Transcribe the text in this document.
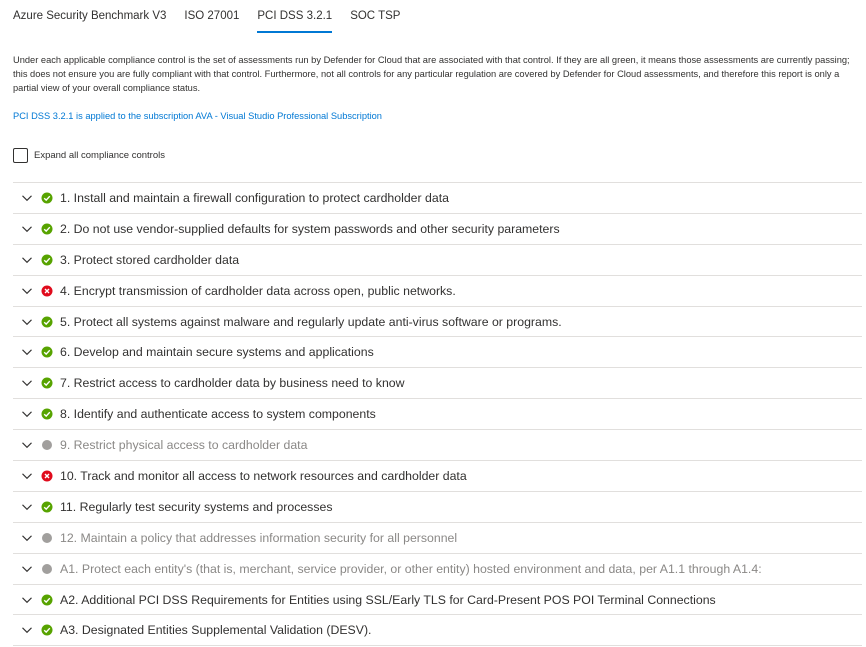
Azure Security Benchmark V3 ISO 27001 PCI DSS 3.2.1 SOC TSP

Under each applicable compliance control is the set of assessments run by Defender for Cloud that are associated with that control. If they are all green, it means those assessments are currently passing; this does not ensure you are fully compliant with that control. Furthermore, not all controls for any particular regulation are covered by Defender for Cloud assessments, and therefore this report is only a partial view of your overall compliance status.

PCI DSS 3.2.1 is applied to the subscription AVA - Visual Studio Professional Subscription
Expand all compliance controls
1. Install and maintain a firewall configuration to protect cardholder data
2. Do not use vendor-supplied defaults for system passwords and other security parameters
3. Protect stored cardholder data
4. Encrypt transmission of cardholder data across open, public networks.
5. Protect all systems against malware and regularly update anti-virus software or programs.
6. Develop and maintain secure systems and applications
7. Restrict access to cardholder data by business need to know
8. Identify and authenticate access to system components
9. Restrict physical access to cardholder data
10. Track and monitor all access to network resources and cardholder data
11. Regularly test security systems and processes
12. Maintain a policy that addresses information security for all personnel
A1. Protect each entity's (that is, merchant, service provider, or other entity) hosted environment and data, per A1.1 through A1.4:
A2. Additional PCI DSS Requirements for Entities using SSL/Early TLS for Card-Present POS POI Terminal Connections
A3. Designated Entities Supplemental Validation (DESV).
